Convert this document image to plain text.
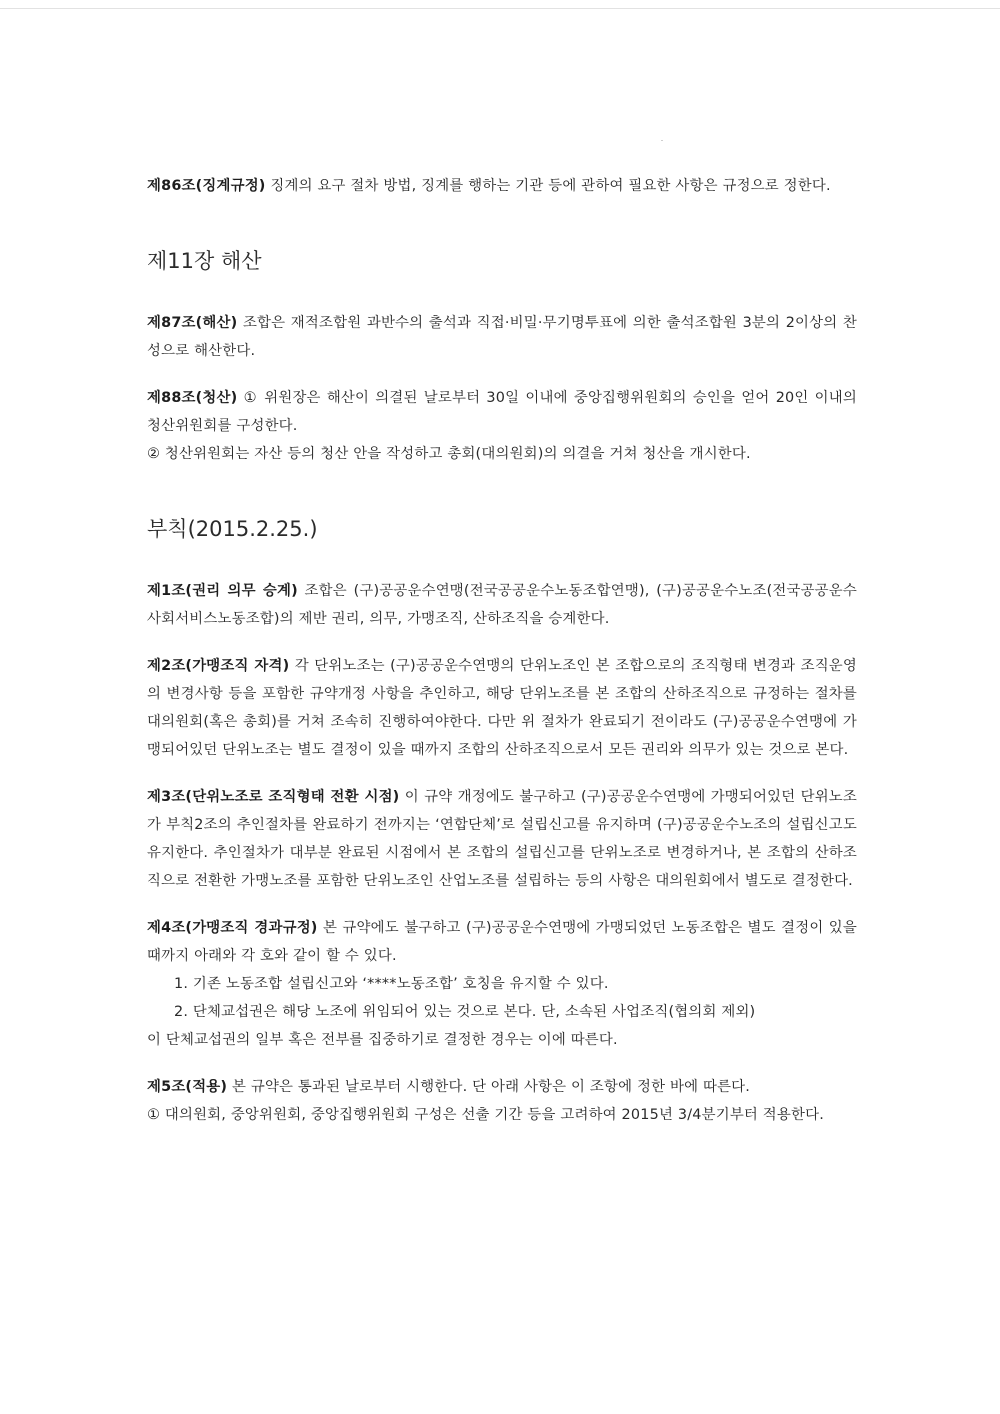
제86조(징계규정) 징계의 요구 절차 방법, 징계를 행하는 기관 등에 관하여 필요한 사항은 규정으로 정한다.

제11장 해산

제87조(해산) 조합은 재적조합원 과반수의 출석과 직접·비밀·무기명투표에 의한 출석조합원 3분의 2이상의 찬성으로 해산한다.

제88조(청산) ① 위원장은 해산이 의결된 날로부터 30일 이내에 중앙집행위원회의 승인을 얻어 20인 이내의 청산위원회를 구성한다.

② 청산위원회는 자산 등의 청산 안을 작성하고 총회(대의원회)의 의결을 거쳐 청산을 개시한다.

부칙(2015.2.25.)

제1조(권리 의무 승계) 조합은 (구)공공운수연맹(전국공공운수노동조합연맹), (구)공공운수노조(전국공공운수사회서비스노동조합)의 제반 권리, 의무, 가맹조직, 산하조직을 승계한다.

제2조(가맹조직 자격) 각 단위노조는 (구)공공운수연맹의 단위노조인 본 조합으로의 조직형태 변경과 조직운영의 변경사항 등을 포함한 규약개정 사항을 추인하고, 해당 단위노조를 본 조합의 산하조직으로 규정하는 절차를 대의원회(혹은 총회)를 거쳐 조속히 진행하여야한다. 다만 위 절차가 완료되기 전이라도 (구)공공운수연맹에 가맹되어있던 단위노조는 별도 결정이 있을 때까지 조합의 산하조직으로서 모든 권리와 의무가 있는 것으로 본다.

제3조(단위노조로 조직형태 전환 시점) 이 규약 개정에도 불구하고 (구)공공운수연맹에 가맹되어있던 단위노조가 부칙2조의 추인절차를 완료하기 전까지는 ‘연합단체’로 설립신고를 유지하며 (구)공공운수노조의 설립신고도 유지한다. 추인절차가 대부분 완료된 시점에서 본 조합의 설립신고를 단위노조로 변경하거나, 본 조합의 산하조직으로 전환한 가맹노조를 포함한 단위노조인 산업노조를 설립하는 등의 사항은 대의원회에서 별도로 결정한다.

제4조(가맹조직 경과규정) 본 규약에도 불구하고 (구)공공운수연맹에 가맹되었던 노동조합은 별도 결정이 있을 때까지 아래와 각 호와 같이 할 수 있다.

1. 기존 노동조합 설립신고와 ‘****노동조합’ 호칭을 유지할 수 있다.

2. 단체교섭권은 해당 노조에 위임되어 있는 것으로 본다. 단, 소속된 사업조직(협의회 제외)

이 단체교섭권의 일부 혹은 전부를 집중하기로 결정한 경우는 이에 따른다.

제5조(적용) 본 규약은 통과된 날로부터 시행한다. 단 아래 사항은 이 조항에 정한 바에 따른다.

① 대의원회, 중앙위원회, 중앙집행위원회 구성은 선출 기간 등을 고려하여 2015년 3/4분기부터 적용한다.
